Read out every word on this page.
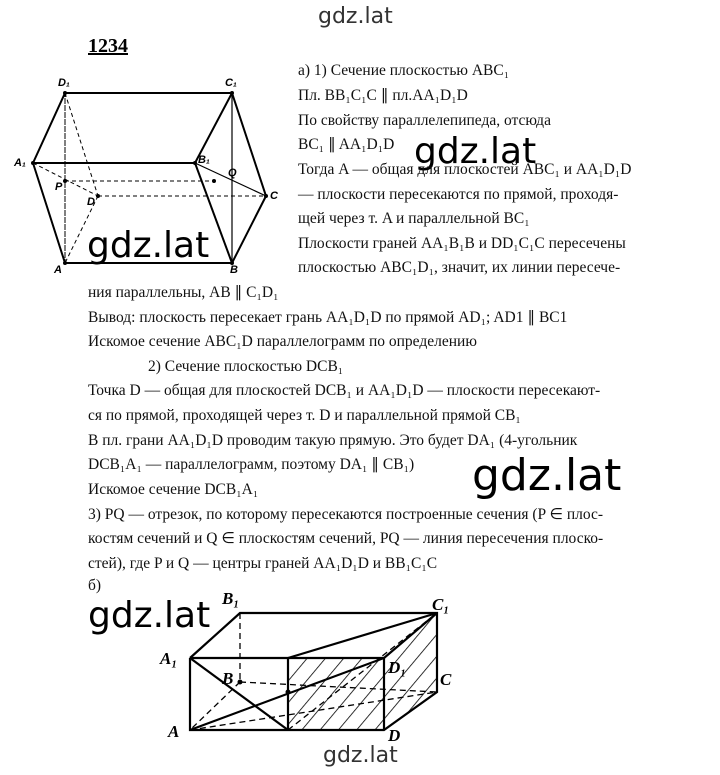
gdz.lat
gdz.lat
gdz.lat
gdz.lat
gdz.lat
gdz.lat
1234
D₁	C₁
A₁	B₁
P
D
Q
C
A	B
B₁	C₁
A₁	D₁
B	C
A	D
а) 1) Сечение плоскостью ABC₁
Пл. BB₁C₁C ∥ пл.AA₁D₁D
По свойству параллелепипеда, отсюда
BC₁ ∥ AA₁D₁D
Тогда A — общая для плоскостей ABC₁ и AA₁D₁D
— плоскости пересекаются по прямой, проходя-
щей через т. A и параллельной BC₁
Плоскости граней AA₁B₁B и DD₁C₁C пересечены
плоскостью ABC₁D₁, значит, их линии пересече-
ния параллельны, AB ∥ C₁D₁
Вывод: плоскость пересекает грань AA₁D₁D по прямой AD₁; AD1 ∥ BC1
Искомое сечение ABC₁D параллелограмм по определению
2) Сечение плоскостью DCB₁
Точка D — общая для плоскостей DCB₁ и AA₁D₁D — плоскости пересекают-
ся по прямой, проходящей через т. D и параллельной прямой CB₁
В пл. грани AA₁D₁D проводим такую прямую. Это будет DA₁ (4-угольник
DCB₁A₁ — параллелограмм, поэтому DA₁ ∥ CB₁)
Искомое сечение DCB₁A₁
3) PQ — отрезок, по которому пересекаются построенные сечения (P ∈ плос-
костям сечений и Q ∈ плоскостям сечений, PQ — линия пересечения плоско-
стей), где P и Q — центры граней AA₁D₁D и BB₁C₁C
б)
